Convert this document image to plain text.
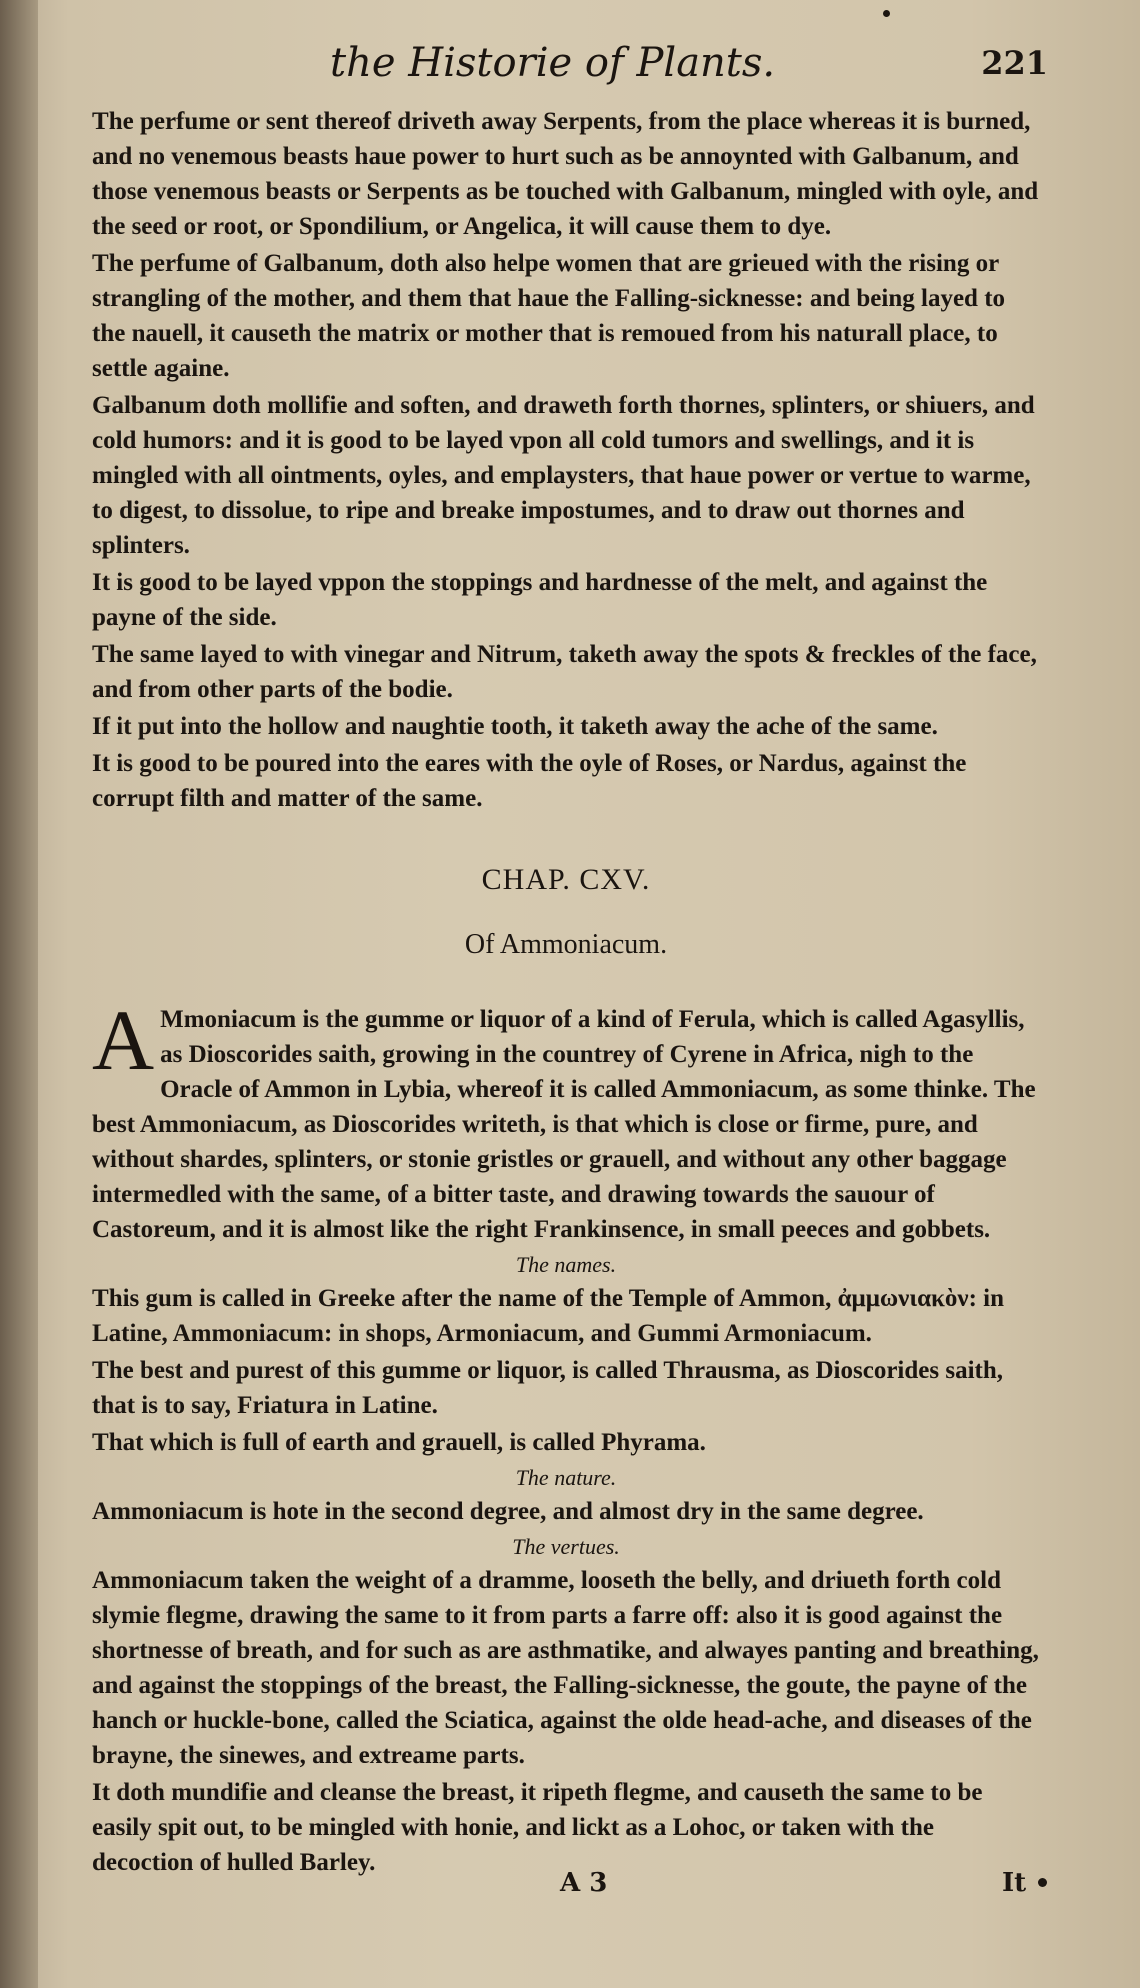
the Historie of Plants.	221

The perfume or sent thereof driveth away Serpents, from the place whereas it is burned, and no venemous beasts haue power to hurt such as be annoynted with Galbanum, and those venemous beasts or Serpents as be touched with Galbanum, mingled with oyle, and the seed or root, or Spondilium, or Angelica, it will cause them to dye.

The perfume of Galbanum, doth also helpe women that are grieued with the rising or strangling of the mother, and them that haue the Falling-sicknesse: and being layed to the nauell, it causeth the matrix or mother that is remoued from his naturall place, to settle againe.

Galbanum doth mollifie and soften, and draweth forth thornes, splinters, or shiuers, and cold humors: and it is good to be layed vpon all cold tumors and swellings, and it is mingled with all ointments, oyles, and emplaysters, that haue power or vertue to warme, to digest, to dissolue, to ripe and breake impostumes, and to draw out thornes and splinters.

It is good to be layed vppon the stoppings and hardnesse of the melt, and against the payne of the side.

The same layed to with vinegar and Nitrum, taketh away the spots & freckles of the face, and from other parts of the bodie.

If it put into the hollow and naughtie tooth, it taketh away the ache of the same.

It is good to be poured into the eares with the oyle of Roses, or Nardus, against the corrupt filth and matter of the same.

CHAP. CXV.
Of Ammoniacum.

A Mmoniacum is the gumme or liquor of a kind of Ferula, which is called Agasyllis, as Dioscorides saith, growing in the countrey of Cyrene in Africa, nigh to the Oracle of Ammon in Lybia, whereof it is called Ammoniacum, as some thinke. The best Ammoniacum, as Dioscorides writeth, is that which is close or firme, pure, and without shardes, splinters, or stonie gristles or grauell, and without any other baggage intermedled with the same, of a bitter taste, and drawing towards the sauour of Castoreum, and it is almost like the right Frankinsence, in small peeces and gobbets.

The names.

This gum is called in Greeke after the name of the Temple of Ammon, ἀμμωνιακὸν: in Latine, Ammoniacum: in shops, Armoniacum, and Gummi Armoniacum.

The best and purest of this gumme or liquor, is called Thrausma, as Dioscorides saith, that is to say, Friatura in Latine.

That which is full of earth and grauell, is called Phyrama.

The nature.

Ammoniacum is hote in the second degree, and almost dry in the same degree.

The vertues.

Ammoniacum taken the weight of a dramme, looseth the belly, and driueth forth cold slymie flegme, drawing the same to it from parts a farre off: also it is good against the shortnesse of breath, and for such as are asthmatike, and alwayes panting and breathing, and against the stoppings of the breast, the Falling-sicknesse, the goute, the payne of the hanch or huckle-bone, called the Sciatica, against the olde head-ache, and diseases of the brayne, the sinewes, and extreame parts.

It doth mundifie and cleanse the breast, it ripeth flegme, and causeth the same to be easily spit out, to be mingled with honie, and lickt as a Lohoc, or taken with the decoction of hulled Barley.

A 3	It
